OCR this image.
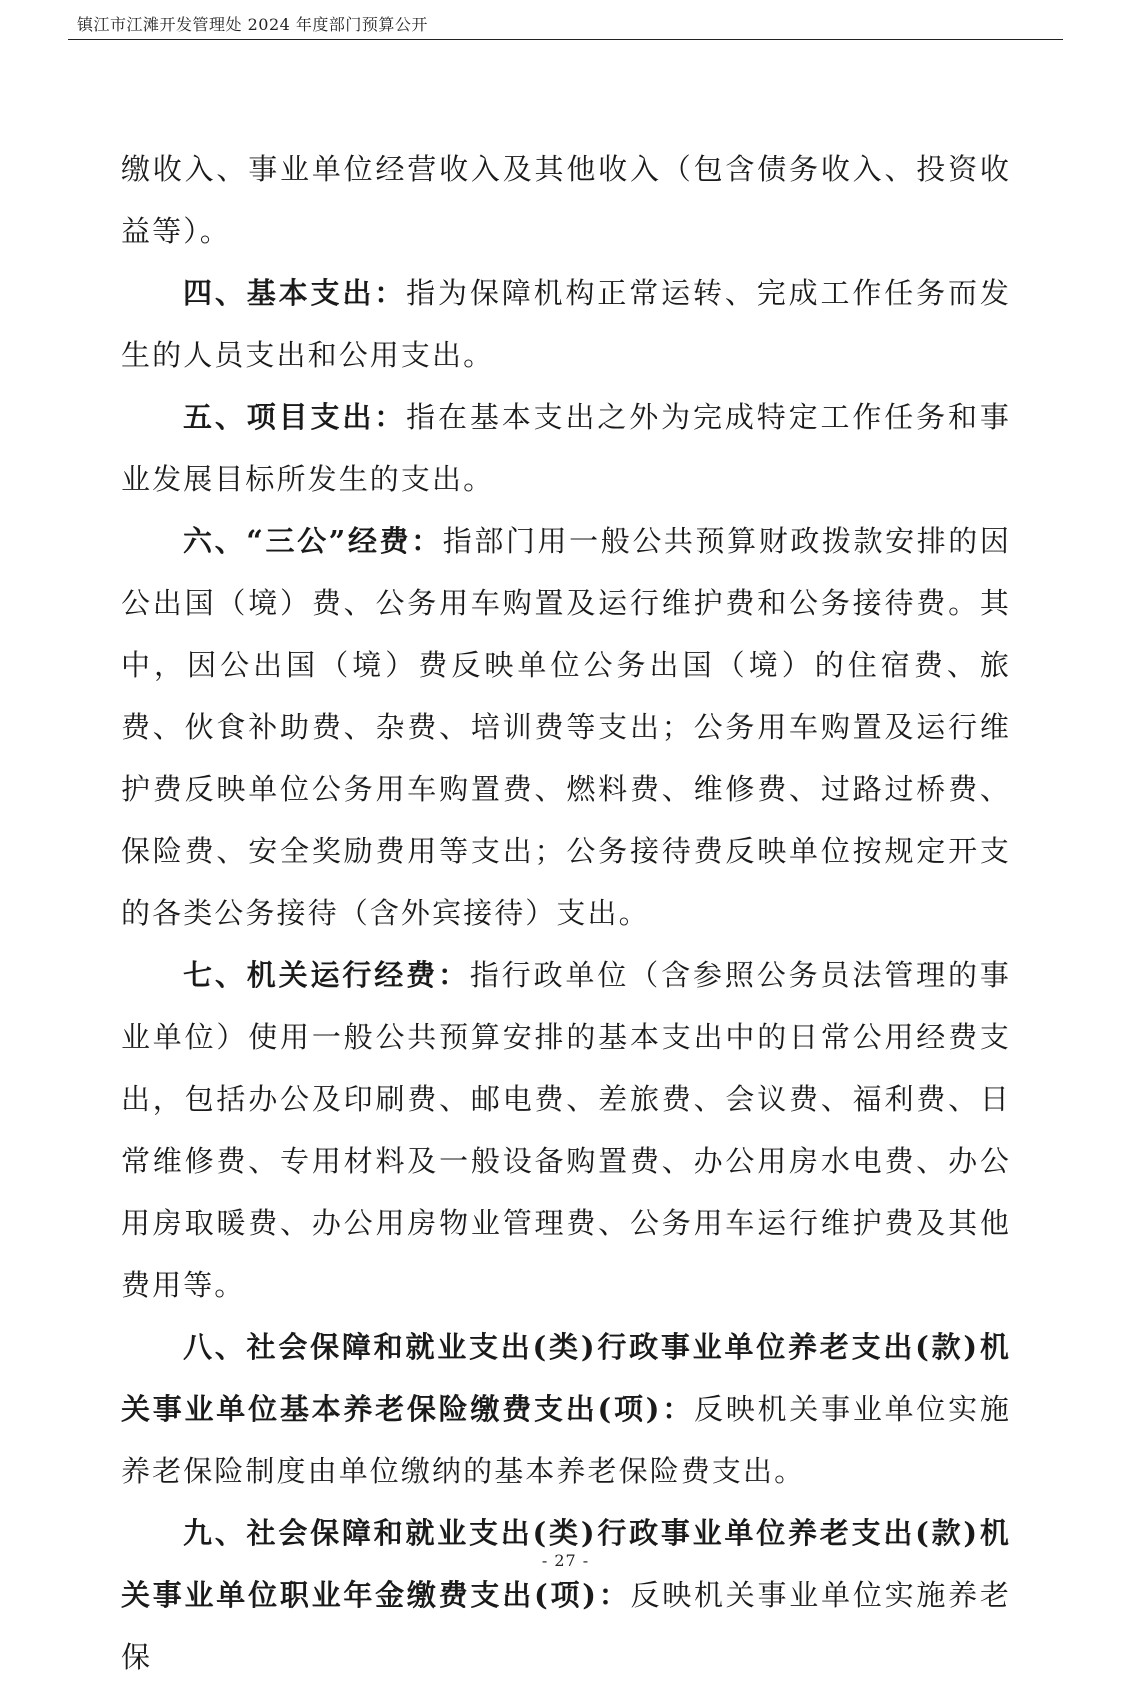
镇江市江滩开发管理处 2024 年度部门预算公开

缴收入、事业单位经营收入及其他收入（包含债务收入、投资收益等）。

四、基本支出：指为保障机构正常运转、完成工作任务而发生的人员支出和公用支出。

五、项目支出：指在基本支出之外为完成特定工作任务和事业发展目标所发生的支出。

六、“三公”经费：指部门用一般公共预算财政拨款安排的因公出国（境）费、公务用车购置及运行维护费和公务接待费。其中，因公出国（境）费反映单位公务出国（境）的住宿费、旅费、伙食补助费、杂费、培训费等支出；公务用车购置及运行维护费反映单位公务用车购置费、燃料费、维修费、过路过桥费、保险费、安全奖励费用等支出；公务接待费反映单位按规定开支的各类公务接待（含外宾接待）支出。

七、机关运行经费：指行政单位（含参照公务员法管理的事业单位）使用一般公共预算安排的基本支出中的日常公用经费支出，包括办公及印刷费、邮电费、差旅费、会议费、福利费、日常维修费、专用材料及一般设备购置费、办公用房水电费、办公用房取暖费、办公用房物业管理费、公务用车运行维护费及其他费用等。

八、社会保障和就业支出(类)行政事业单位养老支出(款)机关事业单位基本养老保险缴费支出(项)：反映机关事业单位实施养老保险制度由单位缴纳的基本养老保险费支出。

九、社会保障和就业支出(类)行政事业单位养老支出(款)机关事业单位职业年金缴费支出(项)：反映机关事业单位实施养老保

- 27 -
